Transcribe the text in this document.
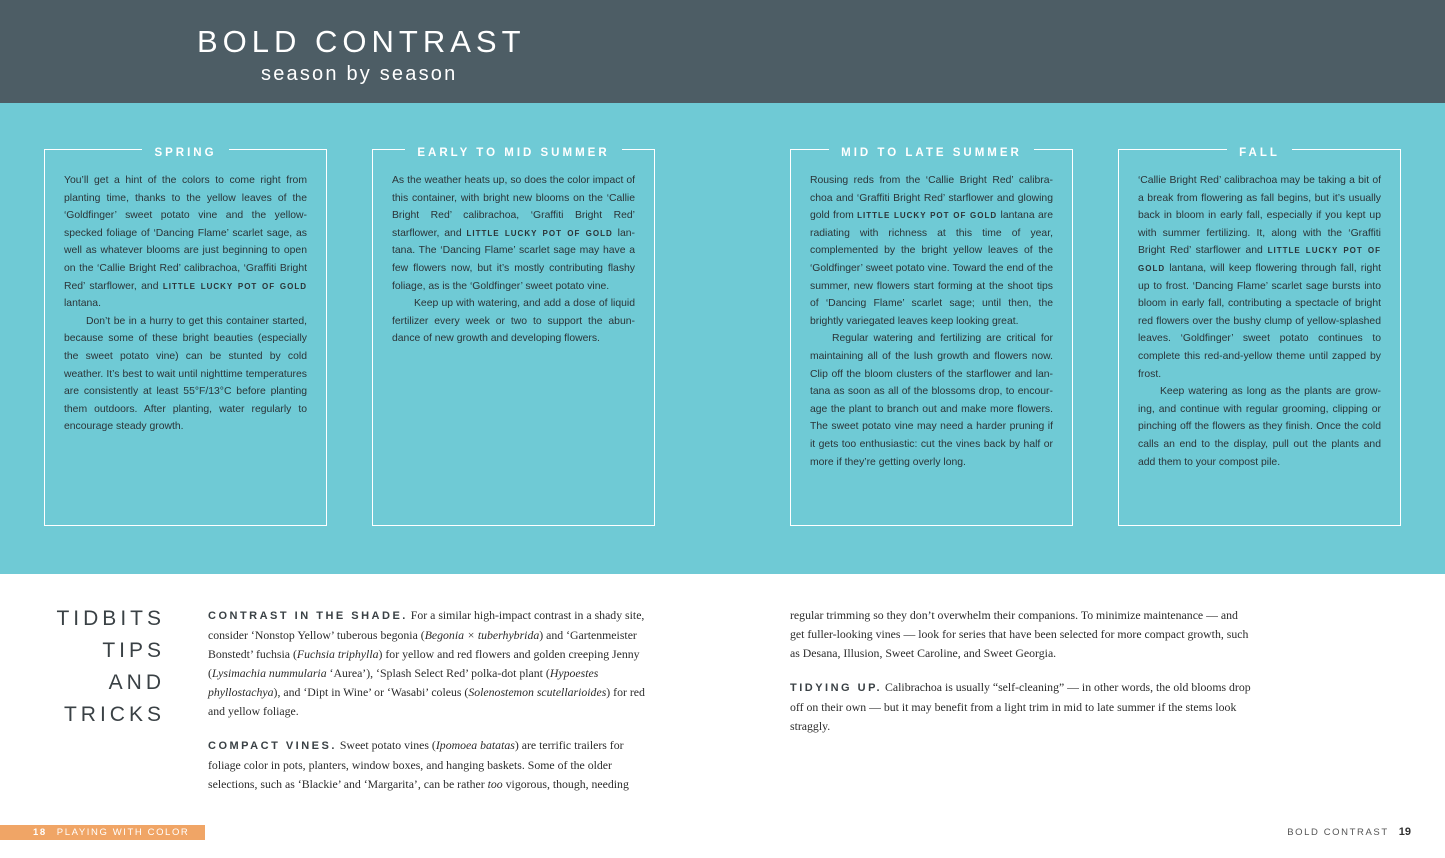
BOLD CONTRAST
season by season
SPRING

You’ll get a hint of the colors to come right from planting time, thanks to the yellow leaves of the ‘Goldfinger’ sweet potato vine and the yellow-specked foliage of ‘Dancing Flame’ scarlet sage, as well as whatever blooms are just beginning to open on the ‘Callie Bright Red’ calibrachoa, ‘Graffiti Bright Red’ starflower, and LITTLE LUCKY POT OF GOLD lantana.

Don’t be in a hurry to get this container started, because some of these bright beauties (especially the sweet potato vine) can be stunted by cold weather. It’s best to wait until nighttime temperatures are consistently at least 55°F/13°C before planting them outdoors. After planting, water regularly to encourage steady growth.

EARLY TO MID SUMMER

As the weather heats up, so does the color impact of this container, with bright new blooms on the ‘Callie Bright Red’ calibrachoa, ‘Graffiti Bright Red’ starflower, and LITTLE LUCKY POT OF GOLD lantana. The ‘Dancing Flame’ scarlet sage may have a few flowers now, but it’s mostly contributing flashy foliage, as is the ‘Goldfinger’ sweet potato vine.

Keep up with watering, and add a dose of liquid fertilizer every week or two to support the abundance of new growth and developing flowers.

MID TO LATE SUMMER

Rousing reds from the ‘Callie Bright Red’ calibrachoa and ‘Graffiti Bright Red’ starflower and glowing gold from LITTLE LUCKY POT OF GOLD lantana are radiating with richness at this time of year, complemented by the bright yellow leaves of the ‘Goldfinger’ sweet potato vine. Toward the end of the summer, new flowers start forming at the shoot tips of ‘Dancing Flame’ scarlet sage; until then, the brightly variegated leaves keep looking great.

Regular watering and fertilizing are critical for maintaining all of the lush growth and flowers now. Clip off the bloom clusters of the starflower and lantana as soon as all of the blossoms drop, to encourage the plant to branch out and make more flowers. The sweet potato vine may need a harder pruning if it gets too enthusiastic: cut the vines back by half or more if they’re getting overly long.

FALL

‘Callie Bright Red’ calibrachoa may be taking a bit of a break from flowering as fall begins, but it’s usually back in bloom in early fall, especially if you kept up with summer fertilizing. It, along with the ‘Graffiti Bright Red’ starflower and LITTLE LUCKY POT OF GOLD lantana, will keep flowering through fall, right up to frost. ‘Dancing Flame’ scarlet sage bursts into bloom in early fall, contributing a spectacle of bright red flowers over the bushy clump of yellow-splashed leaves. ‘Goldfinger’ sweet potato continues to complete this red-and-yellow theme until zapped by frost.

Keep watering as long as the plants are growing, and continue with regular grooming, clipping or pinching off the flowers as they finish. Once the cold calls an end to the display, pull out the plants and add them to your compost pile.

TIDBITS
TIPS
AND
TRICKS

CONTRAST IN THE SHADE. For a similar high-impact contrast in a shady site, consider ‘Nonstop Yellow’ tuberous begonia (Begonia × tuberhybrida) and ‘Gartenmeister Bonstedt’ fuchsia (Fuchsia triphylla) for yellow and red flowers and golden creeping Jenny (Lysimachia nummularia ‘Aurea’), ‘Splash Select Red’ polka-dot plant (Hypoestes phyllostachya), and ‘Dipt in Wine’ or ‘Wasabi’ coleus (Solenostemon scutellarioides) for red and yellow foliage.

COMPACT VINES. Sweet potato vines (Ipomoea batatas) are terrific trailers for foliage color in pots, planters, window boxes, and hanging baskets. Some of the older selections, such as ‘Blackie’ and ‘Margarita’, can be rather too vigorous, though, needing

regular trimming so they don’t overwhelm their companions. To minimize maintenance — and get fuller-looking vines — look for series that have been selected for more compact growth, such as Desana, Illusion, Sweet Caroline, and Sweet Georgia.

TIDYING UP. Calibrachoa is usually “self-cleaning” — in other words, the old blooms drop off on their own — but it may benefit from a light trim in mid to late summer if the stems look straggly.

18 PLAYING WITH COLOR	BOLD CONTRAST 19
